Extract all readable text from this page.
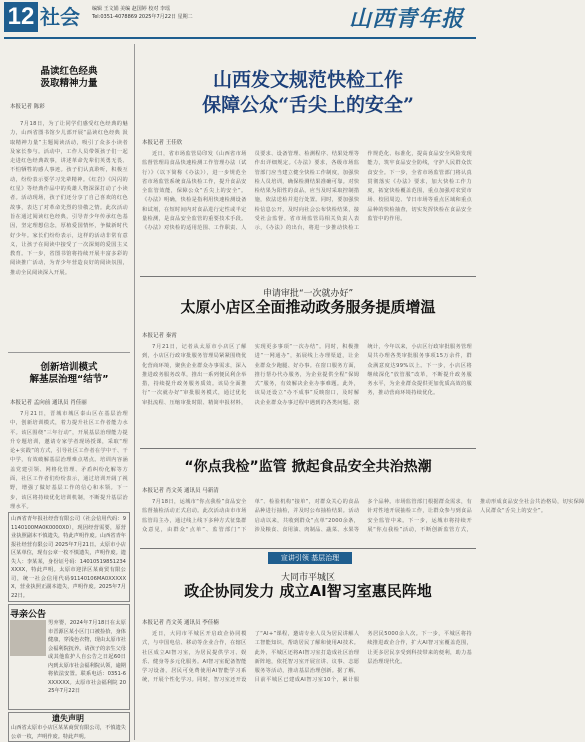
12 社会 编辑 王文娟 美编 赵国婷 校对 李瑶
Tel:0351-4078869 2025年7月22日 星期二	山西青年报
晶读红色经典
汲取精神力量
本报记者 陈彩
7月18日，为了让同学们感受红色经典的魅力，山西省图书馆少儿部开展“晶读红色经典 汲取精神力量”主题阅读活动，吸引了众多小读者及家长参与。活动中，工作人员带领孩子们一起走进红色经典故事，讲述革命先辈们英勇无畏、不怕牺牲的感人事迹。孩子们认真聆听，积极互动，纷纷表示要学习先辈精神。《红岩》《闪闪的红星》等经典作品中的英雄人物深深打动了小读者。活动现场，孩子们还分享了自己喜欢的红色故事，表达了对革命先烈的崇敬之情。此次活动旨在通过阅读红色经典，引导青少年传承红色基因，坚定理想信念，厚植爱国情怀，争做新时代好少年。家长们纷纷表示，这样的活动非常有意义，让孩子在阅读中接受了一次深刻的爱国主义教育。下一步，省图书馆将持续开展丰富多彩的阅读推广活动，为青少年营造良好的阅读氛围，推动全民阅读深入开展。
创新培训模式
解基层治理“结节”
本报记者 孟向前 通讯员 肖佳丽
7月21日，晋城市城区泰山区在基层治理中，创新培训模式，着力提升社区工作者能力水平。该区围绕“三年行动”，开展基层治理能力提升专题培训，邀请专家学者现场授课，采取“理论+实践”的方式，引导社区工作者在学中干、干中学，有效破解基层治理难点堵点。培训内容涵盖党建引领、网格化管理、矛盾纠纷化解等方面，社区工作者们纷纷表示，通过培训开阔了视野，增强了做好基层工作的信心和本领。下一步，该区将持续优化培训机制，不断提升基层治理水平。
山西省青年报社经营有限公司（社会信用代码：91140100MA0K0000X0），现因经营需要，原营业执照副本不慎遗失，特此声明作废。山西省青年报社经营有限公司 2025年7月21日。太原市小店区某单位，现有公章一枚不慎遗失，声明作废。遗失人：李某某，身份证号码：14010519851234XXXX，特此声明。太原市迎泽区某商贸有限公司，统一社会信用代码91140106MA0XXXXXX，营业执照正副本遗失，声明作废。2025年7月22日。
寻亲公告
男弃婴，2024年7月18日在太原市晋源区某小区门口被捡拾，身体健康，穿浅色衣物，现由太原市社会福利院抚养。请孩子的亲生父母或其他监护人自公告之日起60日内到太原市社会福利院认领，逾期将依法安置。联系电话：0351-6XXXXXX。太原市社会福利院 2025年7月22日
遗失声明
山西省太原市小店区某某商贸有限公司，不慎遗失公章一枚，声明作废。特此声明。
山西发文规范快检工作
保障公众“舌尖上的安全”
本报记者 王佳欣
近日，省市场监管局印发《山西省市场监督管理局食品快速检测工作管理办法（试行）》（以下简称《办法》），进一步规范全省市场监管系统食品快检工作，提升食品安全监管效能，保障公众“舌尖上的安全”。《办法》明确，快检是指利用快速检测设备和试剂，在短时间内对食品进行定性或半定量检测，是食品安全监管的重要技术手段。《办法》对快检的适用范围、工作职责、人员要求、设备管理、检测程序、结果处理等作出详细规定。《办法》要求，各级市场监管部门应当建立健全快检工作制度，加强快检人员培训，确保检测结果准确可靠。对快检结果为阳性的食品，应当及时采取控制措施，依法送检并进行处置。同时，要加强快检信息公开，及时向社会公布快检结果，接受社会监督。省市场监管局相关负责人表示，《办法》的出台，将进一步推动快检工作规范化、标准化，提高食品安全风险发现能力，筑牢食品安全防线，守护人民群众饮食安全。下一步，全省市场监管部门将认真贯彻落实《办法》要求，加大快检工作力度，拓宽快检覆盖范围，重点加强对农贸市场、校园周边、节日市场等重点区域和重点品种的快检抽查，切实发挥快检在食品安全监管中的作用。
申请审批“一次就办好”
太原小店区全面推动政务服务提质增温
本报记者 秦霄
7月21日，记者从太原市小店区了解到，小店区行政审批服务管理局紧紧围绕优化营商环境，聚焦企业群众办事需求，深入推进政务服务改革，推出一系列便民利企举措，持续提升政务服务质效。该局全面推行“一次就办好”审批服务模式，通过优化审批流程、压缩审批时限、精简申报材料，实现更多事项“一次办结”。同时，积极推进“一网通办”，拓展线上办理渠道，让企业群众少跑腿、好办事。在窗口服务方面，推行帮办代办服务，为企业提供全程“保姆式”服务，有效解决企业办事难题。此外，该局还设立“办不成事”反映窗口，及时解决企业群众办事过程中遇到的各类问题。据统计，今年以来，小店区行政审批服务管理局共办理各类审批服务事项15万余件，群众满意度达99%以上。下一步，小店区将继续深化“放管服”改革，不断提升政务服务水平，为企业群众提供更加优质高效的服务，推动营商环境持续优化。
“你点我检”监管 掀起食品安全共治热潮
本报记者 肖文英 通讯员 马新清
7月18日，运城市“你点我检”食品安全监督抽检活动正式启动。此次活动由市市场监管局主办，通过线上线下多种方式征集群众意见，由群众“点单”、监管部门“下单”、检验机构“接单”，对群众关心的食品品种进行抽检，并及时公布抽检结果。活动启动以来，共收到群众“点单”2000余条，涉及粮食、食用油、肉制品、蔬菜、水果等多个品种。市场监管部门根据群众需求，有针对性地开展抽检工作，让群众参与到食品安全监管中来。下一步，运城市将持续开展“你点我检”活动，不断创新监管方式，推动形成食品安全社会共治格局，切实保障人民群众“舌尖上的安全”。
宣讲引领 基层治理
大同市平城区
政企协同发力 成立AI智习室惠民阵地
本报记者 肖文英 通讯员 李佳楠
近日，大同市平城区开启政企协同模式，与中国电信、移动等企业合作，在辖区社区成立AI智习室，为居民提供学习、娱乐、健身等多元化服务。AI智习室配备智能学习设备，居民可免费使用AI智能学习系统，开展个性化学习。同时，智习室还开设了“AI+”课程，邀请专业人员为居民讲解人工智能知识，帮助居民了解和使用AI技术。此外，平城区还将AI智习室打造成社区治理新阵地，依托智习室开展宣讲、议事、志愿服务等活动，推动基层治理创新。据了解，目前平城区已建成AI智习室10个，累计服务居民5000余人次。下一步，平城区将持续推进政企合作，扩大AI智习室覆盖范围，让更多居民享受到科技带来的便利，助力基层治理现代化。
